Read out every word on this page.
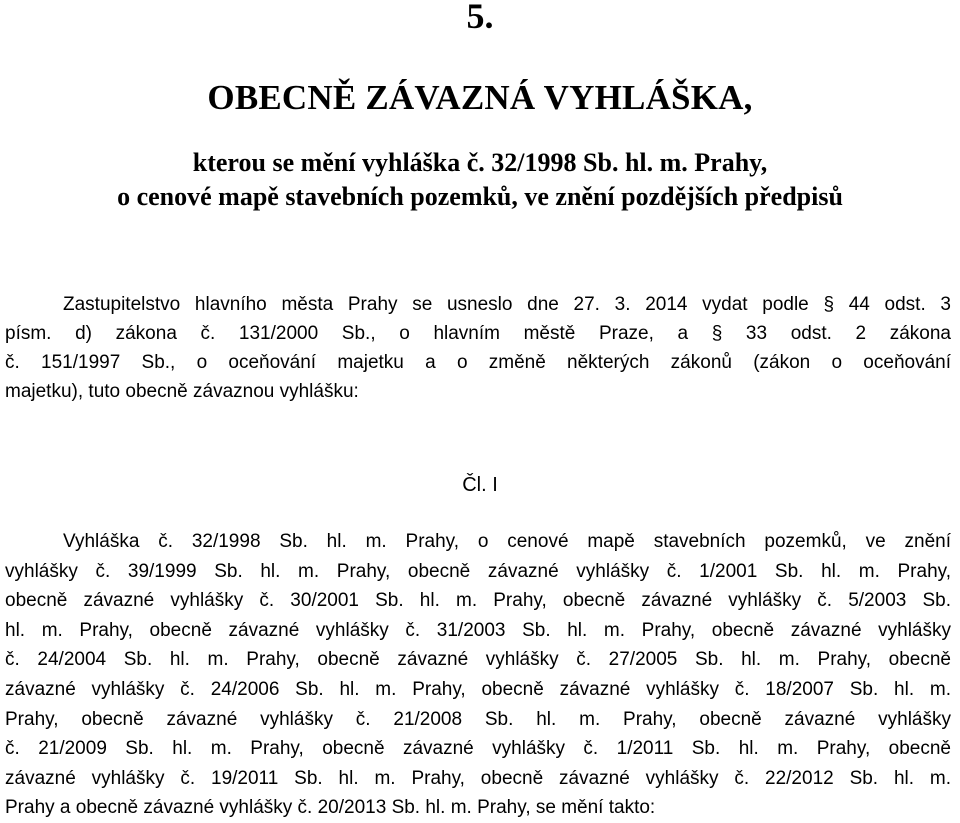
5.
OBECNĚ ZÁVAZNÁ VYHLÁŠKA,
kterou se mění vyhláška č. 32/1998 Sb. hl. m. Prahy,
o cenové mapě stavebních pozemků, ve znění pozdějších předpisů
Zastupitelstvo hlavního města Prahy se usneslo dne 27. 3. 2014 vydat podle § 44 odst. 3
písm. d) zákona č. 131/2000 Sb., o hlavním městě Praze, a § 33 odst. 2 zákona
č. 151/1997 Sb., o oceňování majetku a o změně některých zákonů (zákon o oceňování
majetku), tuto obecně závaznou vyhlášku:
Čl. I
Vyhláška č. 32/1998 Sb. hl. m. Prahy, o cenové mapě stavebních pozemků, ve znění
vyhlášky č. 39/1999 Sb. hl. m. Prahy, obecně závazné vyhlášky č. 1/2001 Sb. hl. m. Prahy,
obecně závazné vyhlášky č. 30/2001 Sb. hl. m. Prahy, obecně závazné vyhlášky č. 5/2003 Sb.
hl. m. Prahy, obecně závazné vyhlášky č. 31/2003 Sb. hl. m. Prahy, obecně závazné vyhlášky
č. 24/2004 Sb. hl. m. Prahy, obecně závazné vyhlášky č. 27/2005 Sb. hl. m. Prahy, obecně
závazné vyhlášky č. 24/2006 Sb. hl. m. Prahy, obecně závazné vyhlášky č. 18/2007 Sb. hl. m.
Prahy, obecně závazné vyhlášky č. 21/2008 Sb. hl. m. Prahy, obecně závazné vyhlášky
č. 21/2009 Sb. hl. m. Prahy, obecně závazné vyhlášky č. 1/2011 Sb. hl. m. Prahy, obecně
závazné vyhlášky č. 19/2011 Sb. hl. m. Prahy, obecně závazné vyhlášky č. 22/2012 Sb. hl. m.
Prahy a obecně závazné vyhlášky č. 20/2013 Sb. hl. m. Prahy, se mění takto:
